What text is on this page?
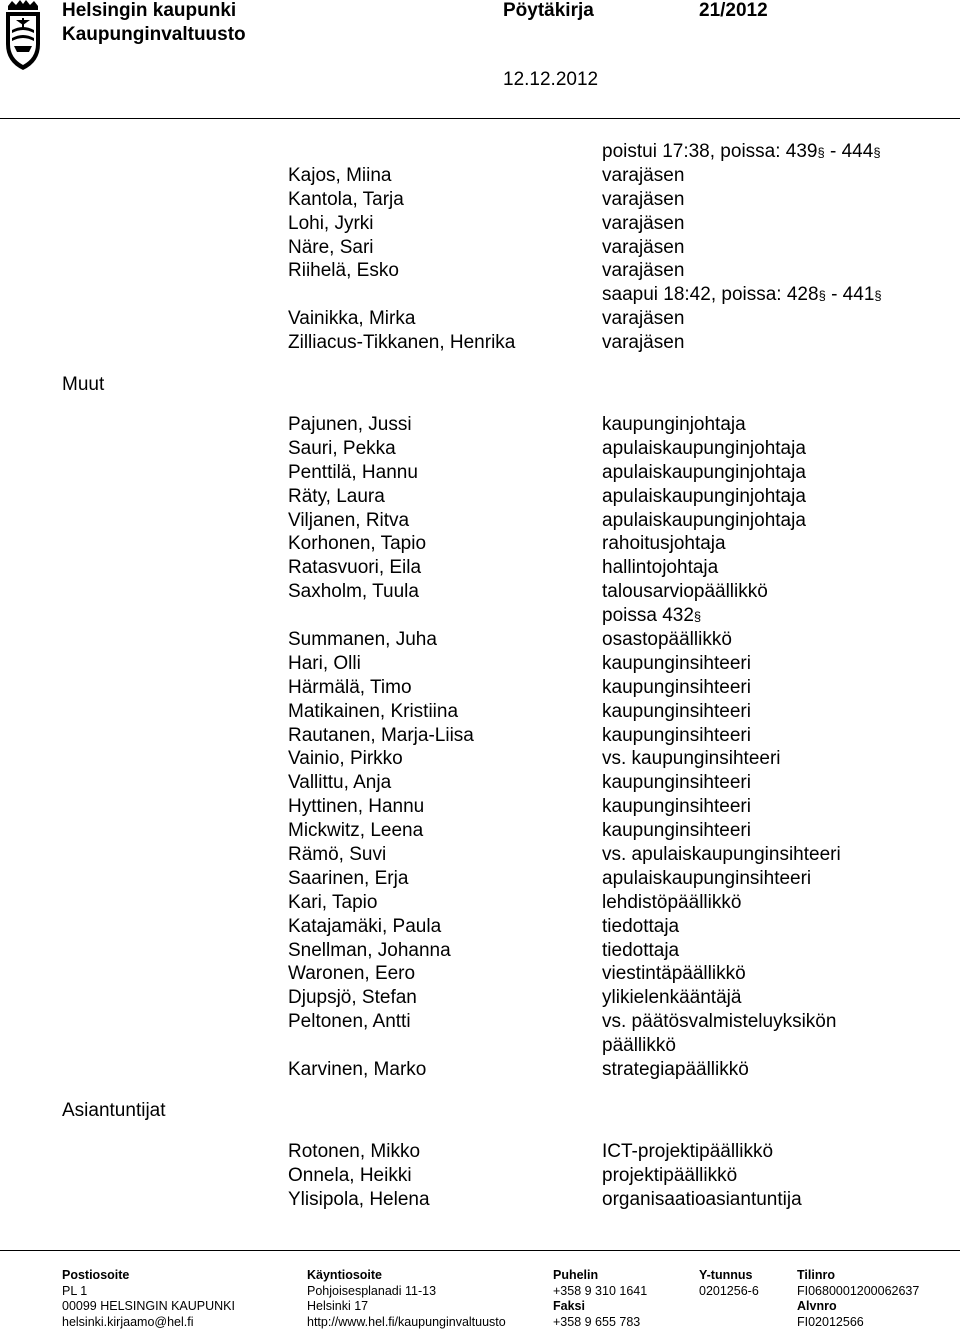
Helsingin kaupunki
Kaupunginvaltuusto
Pöytäkirja	21/2012
12.12.2012
Muut
Asiantuntijat
Kajos, Miina
Kantola, Tarja
Lohi, Jyrki
Näre, Sari
Riihelä, Esko
Vainikka, Mirka
Zilliacus-Tikkanen, Henrika
poistui 17:38, poissa: 439§ - 444§
varajäsen
varajäsen
varajäsen
varajäsen
varajäsen
saapui 18:42, poissa: 428§ - 441§
varajäsen
varajäsen
Pajunen, Jussi
Sauri, Pekka
Penttilä, Hannu
Räty, Laura
Viljanen, Ritva
Korhonen, Tapio
Ratasvuori, Eila
Saxholm, Tuula
Summanen, Juha
Hari, Olli
Härmälä, Timo
Matikainen, Kristiina
Rautanen, Marja-Liisa
Vainio, Pirkko
Vallittu, Anja
Hyttinen, Hannu
Mickwitz, Leena
Rämö, Suvi
Saarinen, Erja
Kari, Tapio
Katajamäki, Paula
Snellman, Johanna
Waronen, Eero
Djupsjö, Stefan
Peltonen, Antti
Karvinen, Marko
kaupunginjohtaja
apulaiskaupunginjohtaja
apulaiskaupunginjohtaja
apulaiskaupunginjohtaja
apulaiskaupunginjohtaja
rahoitusjohtaja
hallintojohtaja
talousarviopäällikkö
poissa 432§
osastopäällikkö
kaupunginsihteeri
kaupunginsihteeri
kaupunginsihteeri
kaupunginsihteeri
vs. kaupunginsihteeri
kaupunginsihteeri
kaupunginsihteeri
kaupunginsihteeri
vs. apulaiskaupunginsihteeri
apulaiskaupunginsihteeri
lehdistöpäällikkö
tiedottaja
tiedottaja
viestintäpäällikkö
ylikielenkääntäjä
vs. päätösvalmisteluyksikön
päällikkö
strategiapäällikkö
Rotonen, Mikko
Onnela, Heikki
Ylisipola, Helena
ICT-projektipäällikkö
projektipäällikkö
organisaatioasiantuntija
Postiosoite
PL 1
00099 HELSINGIN KAUPUNKI
helsinki.kirjaamo@hel.fi
Käyntiosoite
Pohjoisesplanadi 11-13
Helsinki 17
http://www.hel.fi/kaupunginvaltuusto
Puhelin
+358 9 310 1641
Faksi
+358 9 655 783
Y-tunnus
0201256-6
Tilinro
FI0680001200062637
Alvnro
FI02012566
